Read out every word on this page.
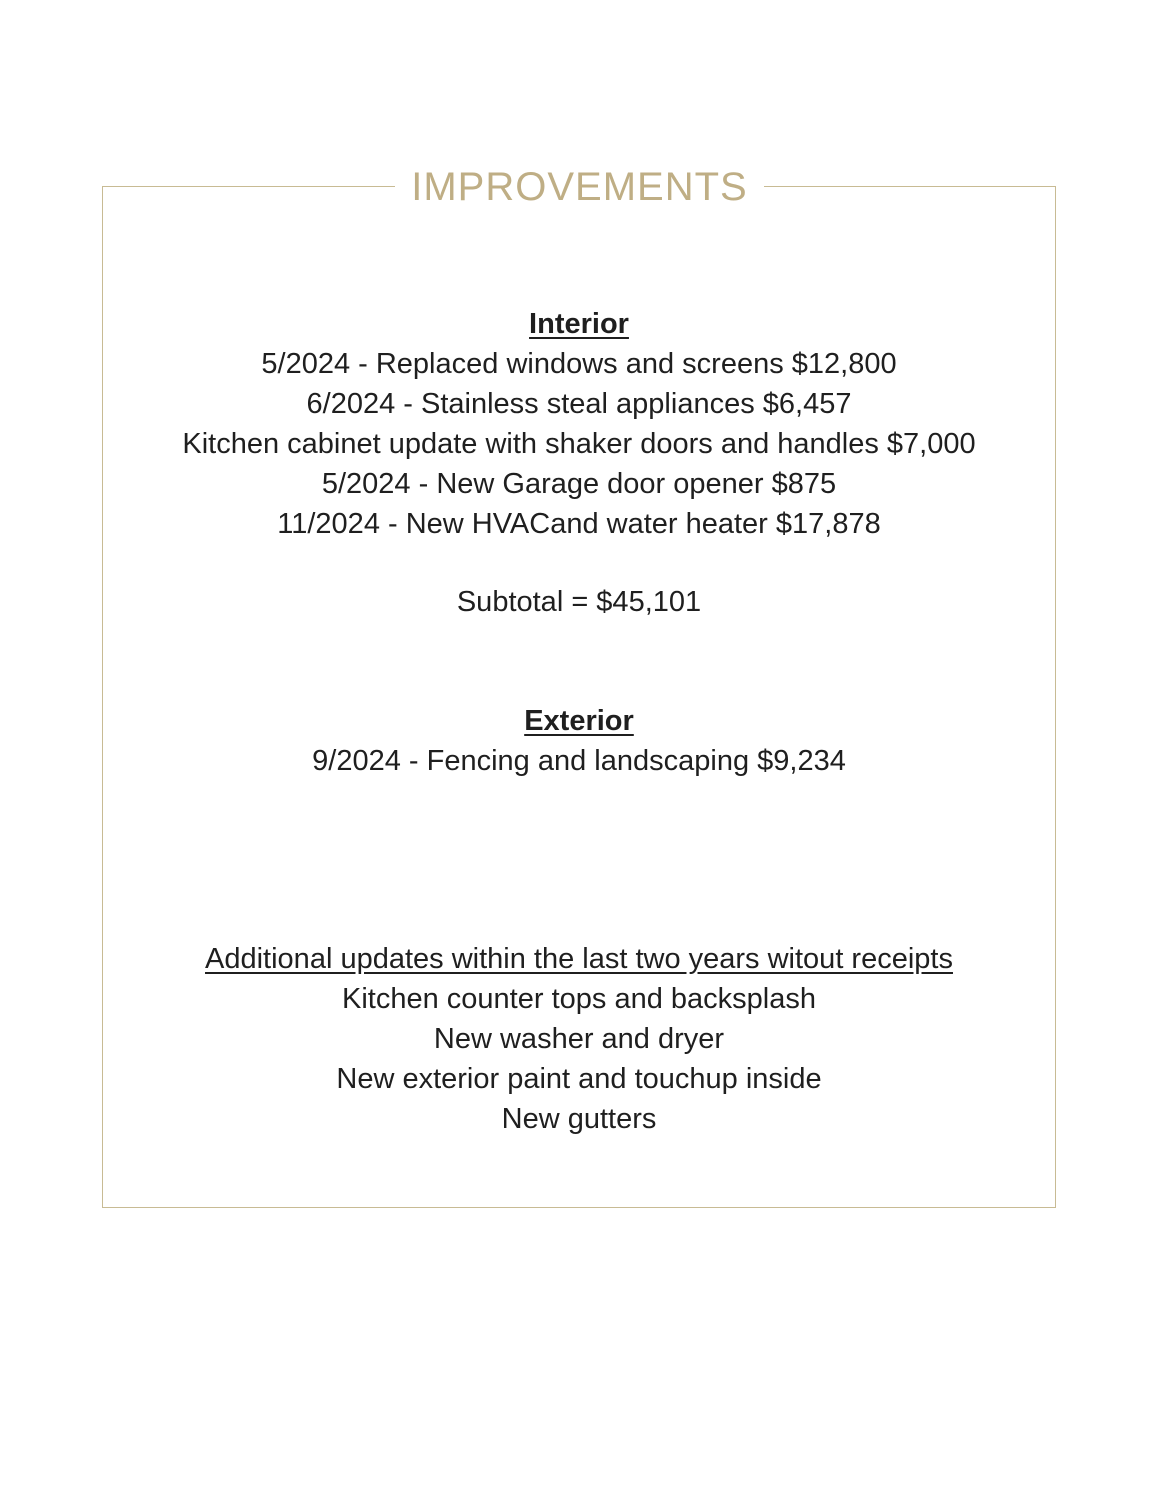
IMPROVEMENTS
Interior
5/2024 - Replaced windows and screens $12,800
6/2024 - Stainless steal appliances $6,457
Kitchen cabinet update with shaker doors and handles $7,000
5/2024 - New Garage door opener $875
11/2024 - New HVACand water heater $17,878
Subtotal = $45,101
Exterior
9/2024 - Fencing and landscaping $9,234
Additional updates within the last two years witout receipts
Kitchen counter tops and backsplash
New washer and dryer
New exterior paint and touchup inside
New gutters
